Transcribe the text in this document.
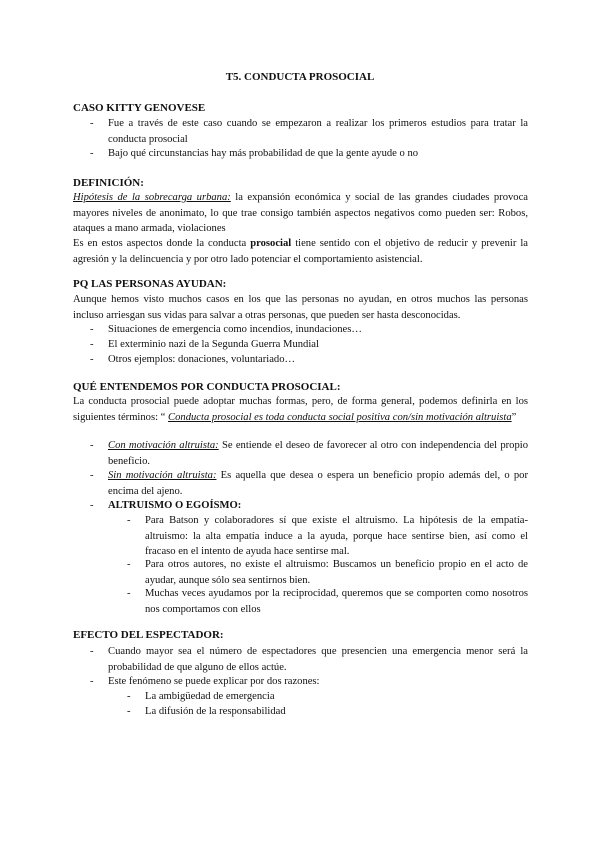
T5. CONDUCTA PROSOCIAL
CASO KITTY GENOVESE
- Fue a través de este caso cuando se empezaron a realizar los primeros estudios para tratar la conducta prosocial
- Bajo qué circunstancias hay más probabilidad de que la gente ayude o no
DEFINICIÓN:
Hipótesis de la sobrecarga urbana: la expansión económica y social de las grandes ciudades provoca mayores niveles de anonimato, lo que trae consigo también aspectos negativos como pueden ser: Robos, ataques a mano armada, violaciones
Es en estos aspectos donde la conducta prosocial tiene sentido con el objetivo de reducir y prevenir la agresión y la delincuencia y por otro lado potenciar el comportamiento asistencial.
PQ LAS PERSONAS AYUDAN:
Aunque hemos visto muchos casos en los que las personas no ayudan, en otros muchos las personas incluso arriesgan sus vidas para salvar a otras personas, que pueden ser hasta desconocidas.
- Situaciones de emergencia como incendios, inundaciones…
- El exterminio nazi de la Segunda Guerra Mundial
- Otros ejemplos: donaciones, voluntariado…
QUÉ ENTENDEMOS POR CONDUCTA PROSOCIAL:
La conducta prosocial puede adoptar muchas formas, pero, de forma general, podemos definirla en los siguientes términos: “ Conducta prosocial es toda conducta social positiva con/sin motivación altruista”
- Con motivación altruista: Se entiende el deseo de favorecer al otro con independencia del propio beneficio.
- Sin motivación altruista: Es aquella que desea o espera un beneficio propio además del, o por encima del ajeno.
- ALTRUISMO O EGOÍSMO:
- Para Batson y colaboradores sí que existe el altruismo. La hipótesis de la empatía-altruismo: la alta empatía induce a la ayuda, porque hace sentirse bien, así como el fracaso en el intento de ayuda hace sentirse mal.
- Para otros autores, no existe el altruismo: Buscamos un beneficio propio en el acto de ayudar, aunque sólo sea sentirnos bien.
- Muchas veces ayudamos por la reciprocidad, queremos que se comporten como nosotros nos comportamos con ellos
EFECTO DEL ESPECTADOR:
- Cuando mayor sea el número de espectadores que presencien una emergencia menor será la probabilidad de que alguno de ellos actúe.
- Este fenómeno se puede explicar por dos razones:
- La ambigüedad de emergencia
- La difusión de la responsabilidad
